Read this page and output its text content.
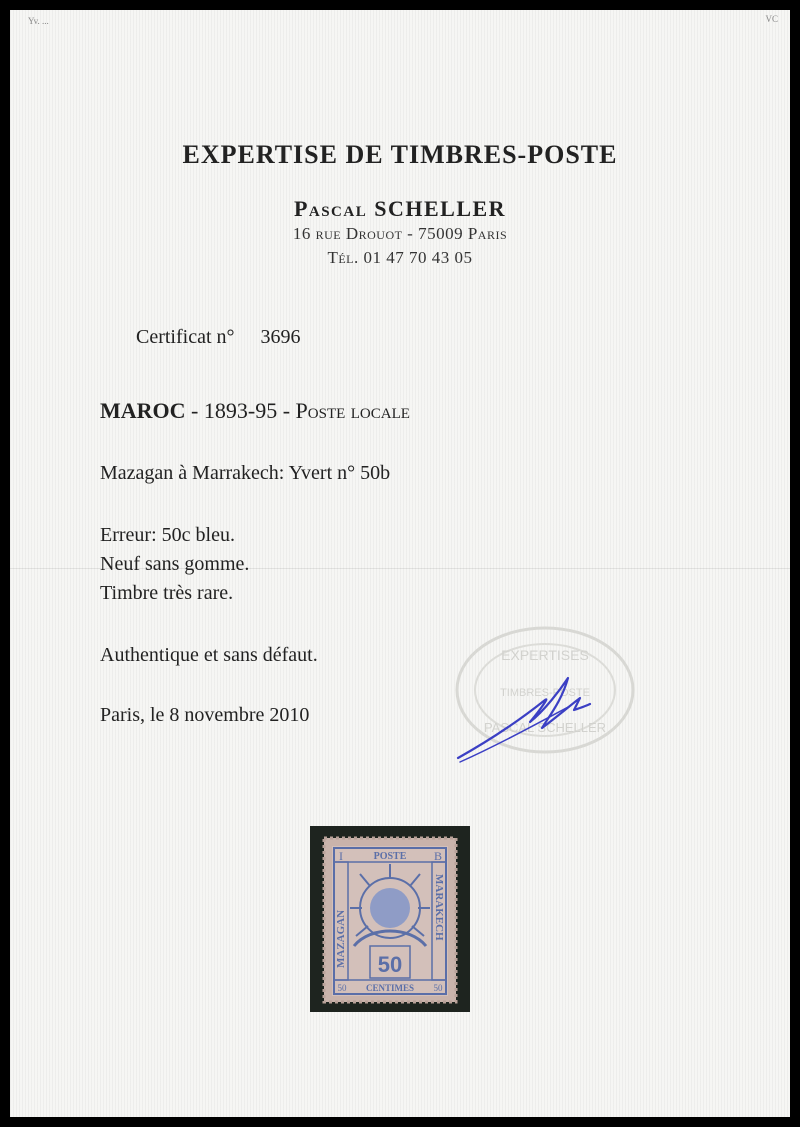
Yv. ...	VC
EXPERTISE DE TIMBRES-POSTE
Pascal SCHELLER
16 rue Drouot - 75009 Paris
Tél. 01 47 70 43 05
Certificat n° 3696
MAROC - 1893-95 - Poste locale
Mazagan à Marrakech: Yvert n° 50b
Erreur: 50c bleu.
Neuf sans gomme.
Timbre très rare.
Authentique et sans défaut.
Paris, le 8 novembre 2010
EXPERTISES
TIMBRES-POSTE
PASCAL SCHELLER
I	POSTE B
MAZAGAN	MARAKECH
50
CENTIMES
50	50
